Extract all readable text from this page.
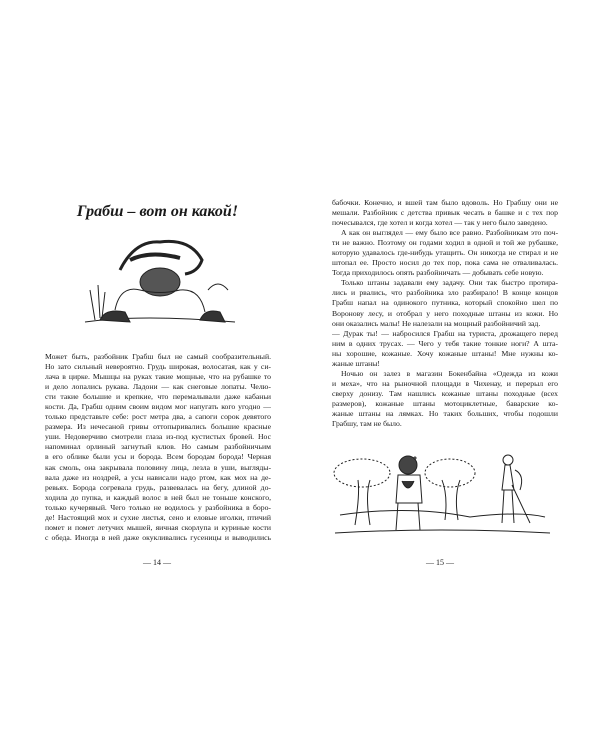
Грабш – вот он какой!
Может быть, разбойник Грабш был не самый сообразительный.
Но зато сильный невероятно. Грудь широкая, волосатая, как у си-
лача в цирке. Мышцы на руках такие мощные, что на рубашке то
и дело лопались рукава. Ладони — как снеговые лопаты. Челю-
сти такие большие и крепкие, что перемалывали даже кабаньи
кости. Да, Грабш одним своим видом мог напугать кого угодно —
только представьте себе: рост метра два, а сапоги сорок девятого
размера. Из нечесаной гривы оттопыривались большие красные
уши. Недоверчиво смотрели глаза из-под кустистых бровей. Нос
напоминал орлиный загнутый клюв. Но самым разбойничьим
в его облике были усы и борода. Всем бородам борода! Черная
как смоль, она закрывала половину лица, лезла в уши, выгляды-
вала даже из ноздрей, а усы нависали надо ртом, как мох на де-
ревьях. Борода согревала грудь, развевалась на бегу, длиной до-
ходила до пупка, и каждый волос в ней был не тоньше конского,
только кучерявый. Чего только не водилось у разбойника в боро-
де! Настоящий мох и сухие листья, сено и еловые иголки, птичий
помет и помет летучих мышей, яичная скорлупа и куриные кости
с обеда. Иногда в ней даже окукливались гусеницы и выводились
— 14 —
бабочки. Конечно, и вшей там было вдоволь. Но Грабшу они не
мешали. Разбойник с детства привык чесать в башке и с тех пор
почесывался, где хотел и когда хотел — так у него было заведено.
А как он выглядел — ему было все равно. Разбойникам это поч-
ти не важно. Поэтому он годами ходил в одной и той же рубашке,
которую удавалось где-нибудь утащить. Он никогда не стирал и не
штопал ее. Просто носил до тех пор, пока сама не отваливалась.
Тогда приходилось опять разбойничать — добывать себе новую.
Только штаны задавали ему задачу. Они так быстро протира-
лись и рвались, что разбойника зло разбирало! В конце концов
Грабш напал на одинокого путника, который спокойно шел по
Воронову лесу, и отобрал у него походные штаны из кожи. Но
они оказались малы! Не налезали на мощный разбойничий зад.
— Дурак ты! — набросился Грабш на туриста, дрожащего перед
ним в одних трусах. — Чего у тебя такие тонкие ноги? А шта-
ны хорошие, кожаные. Хочу кожаные штаны! Мне нужны ко-
жаные штаны!
Ночью он залез в магазин Бокенбайна «Одежда из кожи
и меха», что на рыночной площади в Чихенау, и перерыл его
сверху донизу. Там нашлись кожаные штаны походные (всех
размеров), кожаные штаны мотоциклетные, баварские ко-
жаные штаны на лямках. Но таких больших, чтобы подошли
Грабшу, там не было.
— 15 —
